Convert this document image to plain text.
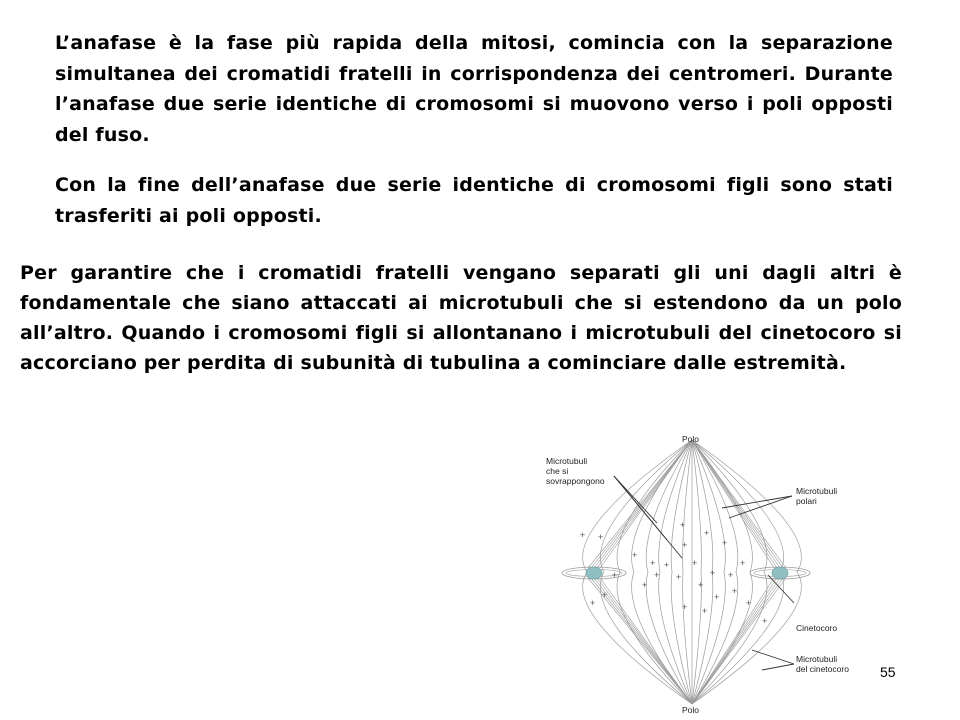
L’anafase è la fase più rapida della mitosi, comincia con la separazione simultanea dei cromatidi fratelli in corrispondenza dei centromeri. Durante l’anafase due serie identiche di cromosomi si muovono verso i poli opposti del fuso.

Con la fine dell’anafase due serie identiche di cromosomi figli sono stati trasferiti ai poli opposti.

Per garantire che i cromatidi fratelli vengano separati gli uni dagli altri è fondamentale che siano attaccati ai microtubuli che si estendono da un polo all’altro. Quando i cromosomi figli si allontanano i microtubuli del cinetocoro si accorciano per perdita di subunità di tubulina a cominciare dalle estremità.

+ +
+
+
+
+
+ +	+
+ +
+ +
+
+
+
+
+
+
+
+
+
+
+
+ +
Polo
Polo
Microtubuli
che si
sovrappongono
Microtubuli
polari
Cinetocoro
Microtubuli
del cinetocoro 55
